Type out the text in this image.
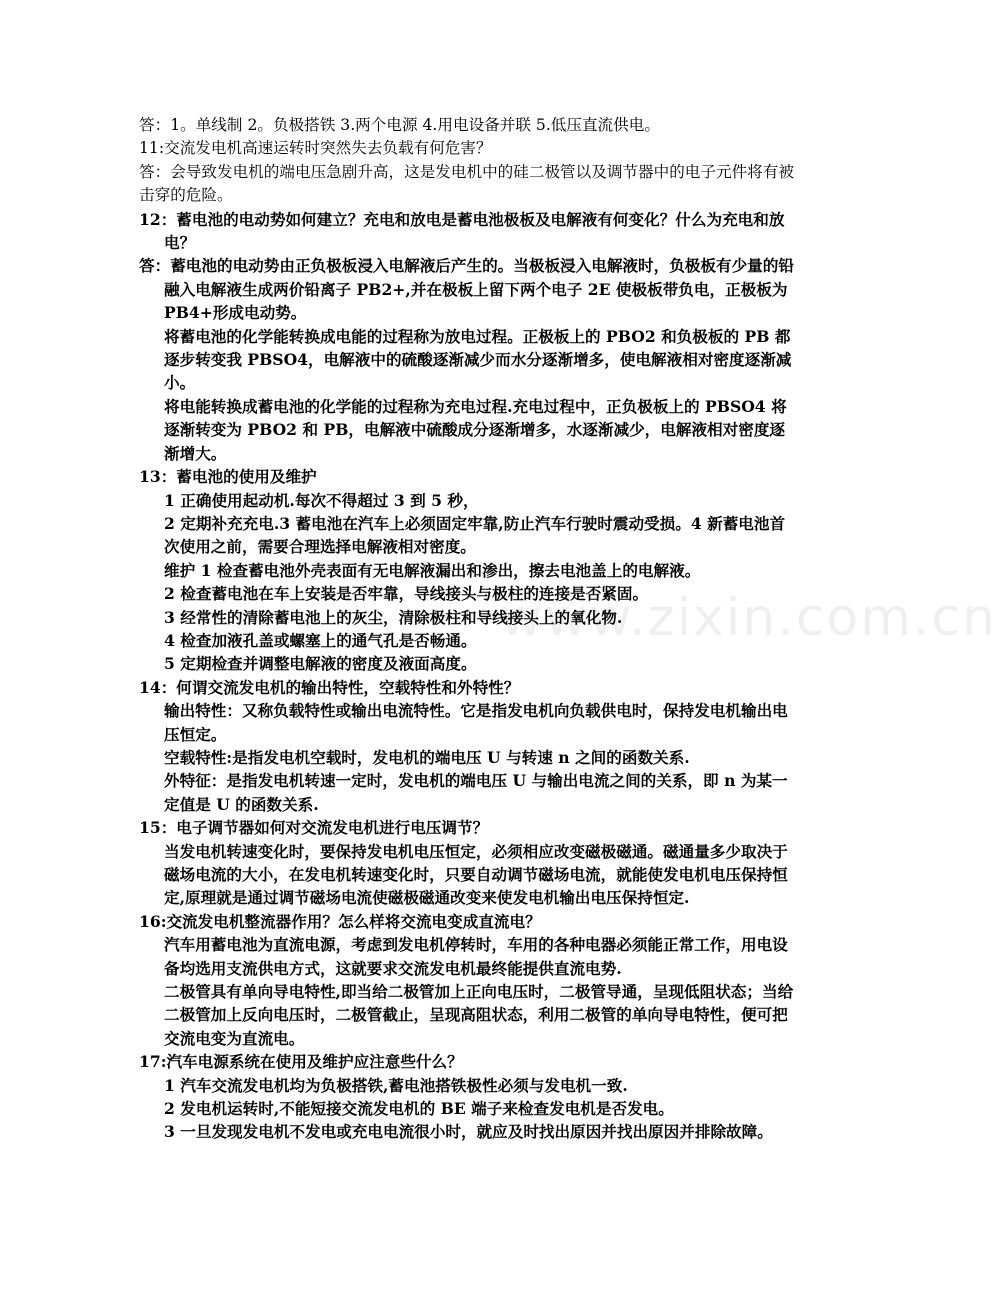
www.zixin.com.cn

答：1。单线制 2。负极搭铁 3.两个电源 4.用电设备并联 5.低压直流供电。

11:交流发电机高速运转时突然失去负载有何危害？

答：会导致发电机的端电压急剧升高，这是发电机中的硅二极管以及调节器中的电子元件将有被击穿的危险。

12：蓄电池的电动势如何建立？充电和放电是蓄电池极板及电解液有何变化？什么为充电和放电？

答：蓄电池的电动势由正负极板浸入电解液后产生的。当极板浸入电解液时，负极板有少量的铅融入电解液生成两价铅离子 PB2+,并在极板上留下两个电子 2E 使极板带负电，正极板为 PB4+形成电动势。

将蓄电池的化学能转换成电能的过程称为放电过程。正极板上的 PBO2 和负极板的 PB 都逐步转变我 PBSO4，电解液中的硫酸逐渐减少而水分逐渐增多，使电解液相对密度逐渐减小。

将电能转换成蓄电池的化学能的过程称为充电过程.充电过程中，正负极板上的 PBSO4 将逐渐转变为 PBO2 和 PB，电解液中硫酸成分逐渐增多，水逐渐减少，电解液相对密度逐渐增大。

13：蓄电池的使用及维护

1 正确使用起动机.每次不得超过 3 到 5 秒，

2 定期补充充电.3 蓄电池在汽车上必须固定牢靠,防止汽车行驶时震动受损。4 新蓄电池首次使用之前，需要合理选择电解液相对密度。

维护 1 检查蓄电池外壳表面有无电解液漏出和渗出，擦去电池盖上的电解液。

2 检查蓄电池在车上安装是否牢靠，导线接头与极柱的连接是否紧固。

3 经常性的清除蓄电池上的灰尘，清除极柱和导线接头上的氧化物.

4 检查加液孔盖或螺塞上的通气孔是否畅通。

5 定期检查并调整电解液的密度及液面高度。

14：何谓交流发电机的输出特性，空载特性和外特性？

输出特性：又称负载特性或输出电流特性。它是指发电机向负载供电时，保持发电机输出电压恒定。

空载特性:是指发电机空载时，发电机的端电压 U 与转速 n 之间的函数关系.

外特征：是指发电机转速一定时，发电机的端电压 U 与输出电流之间的关系，即 n 为某一定值是 U 的函数关系.

15：电子调节器如何对交流发电机进行电压调节？

当发电机转速变化时，要保持发电机电压恒定，必须相应改变磁极磁通。磁通量多少取决于磁场电流的大小，在发电机转速变化时，只要自动调节磁场电流，就能使发电机电压保持恒定,原理就是通过调节磁场电流使磁极磁通改变来使发电机输出电压保持恒定.

16:交流发电机整流器作用？怎么样将交流电变成直流电？

汽车用蓄电池为直流电源，考虑到发电机停转时，车用的各种电器必须能正常工作，用电设备均选用支流供电方式，这就要求交流发电机最终能提供直流电势.

二极管具有单向导电特性,即当给二极管加上正向电压时，二极管导通，呈现低阻状态；当给二极管加上反向电压时，二极管截止，呈现高阻状态，利用二极管的单向导电特性，便可把交流电变为直流电。

17:汽车电源系统在使用及维护应注意些什么？

1 汽车交流发电机均为负极搭铁,蓄电池搭铁极性必须与发电机一致.

2 发电机运转时,不能短接交流发电机的 BE 端子来检查发电机是否发电。

3 一旦发现发电机不发电或充电电流很小时，就应及时找出原因并找出原因并排除故障。
